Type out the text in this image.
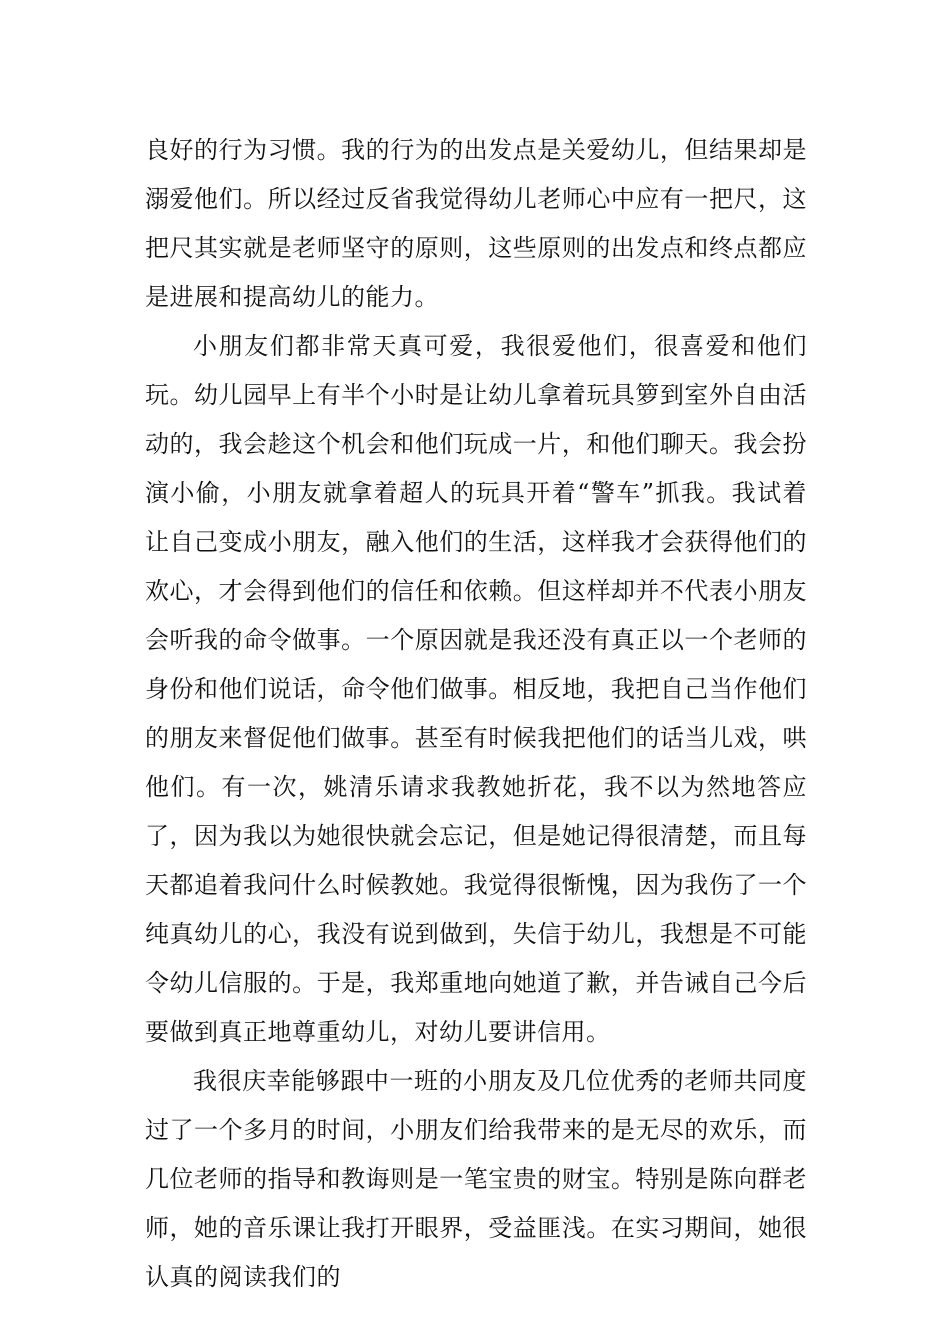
良好的行为习惯。我的行为的出发点是关爱幼儿，但结果却是溺爱他们。所以经过反省我觉得幼儿老师心中应有一把尺，这把尺其实就是老师坚守的原则，这些原则的出发点和终点都应是进展和提高幼儿的能力。

小朋友们都非常天真可爱，我很爱他们，很喜爱和他们玩。幼儿园早上有半个小时是让幼儿拿着玩具箩到室外自由活动的，我会趁这个机会和他们玩成一片，和他们聊天。我会扮演小偷，小朋友就拿着超人的玩具开着“警车”抓我。我试着让自己变成小朋友，融入他们的生活，这样我才会获得他们的欢心，才会得到他们的信任和依赖。但这样却并不代表小朋友会听我的命令做事。一个原因就是我还没有真正以一个老师的身份和他们说话，命令他们做事。相反地，我把自己当作他们的朋友来督促他们做事。甚至有时候我把他们的话当儿戏，哄他们。有一次，姚清乐请求我教她折花，我不以为然地答应了，因为我以为她很快就会忘记，但是她记得很清楚，而且每天都追着我问什么时候教她。我觉得很惭愧，因为我伤了一个纯真幼儿的心，我没有说到做到，失信于幼儿，我想是不可能令幼儿信服的。于是，我郑重地向她道了歉，并告诫自己今后要做到真正地尊重幼儿，对幼儿要讲信用。

我很庆幸能够跟中一班的小朋友及几位优秀的老师共同度过了一个多月的时间，小朋友们给我带来的是无尽的欢乐，而几位老师的指导和教诲则是一笔宝贵的财宝。特别是陈向群老师，她的音乐课让我打开眼界，受益匪浅。在实习期间，她很认真的阅读我们的
